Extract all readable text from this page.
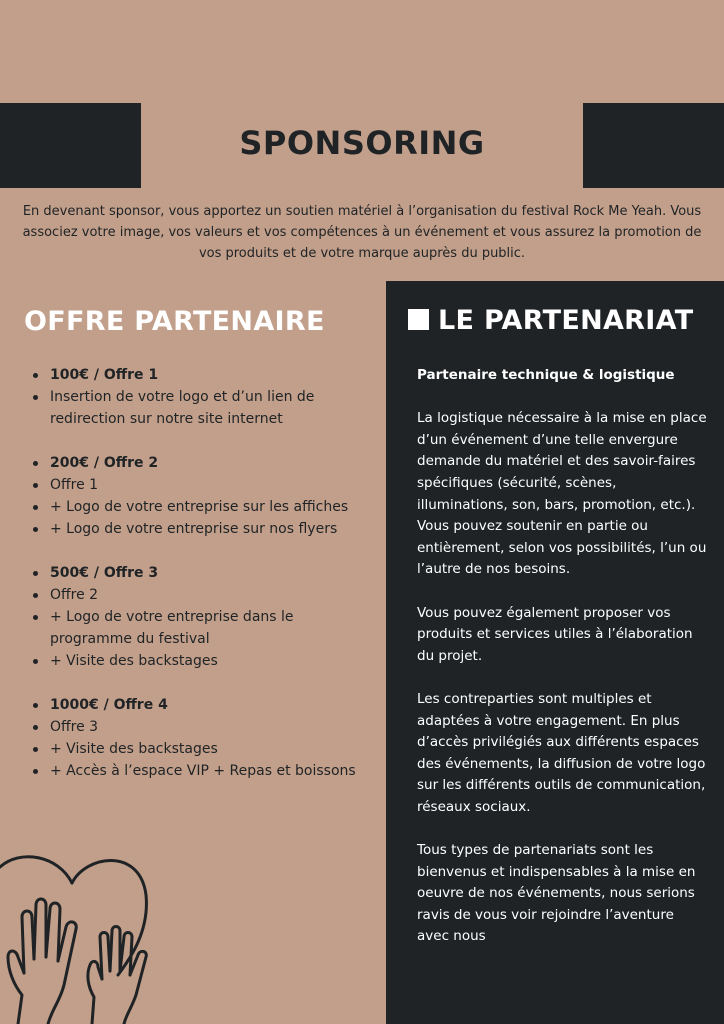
SPONSORING
En devenant sponsor, vous apportez un soutien matériel à l’organisation du festival Rock Me Yeah. Vous associez votre image, vos valeurs et vos compétences à un événement et vous assurez la promotion de vos produits et de votre marque auprès du public.
OFFRE PARTENAIRE
100€ / Offre 1
Insertion de votre logo et d’un lien de redirection sur notre site internet
200€ / Offre 2
Offre 1
+ Logo de votre entreprise sur les affiches
+ Logo de votre entreprise sur nos flyers
500€ / Offre 3
Offre 2
+ Logo de votre entreprise dans le programme du festival
+ Visite des backstages
1000€ / Offre 4
Offre 3
+ Visite des backstages
+ Accès à l’espace VIP + Repas et boissons
LE PARTENARIAT

Partenaire technique & logistique

La logistique nécessaire à la mise en place d’un événement d’une telle envergure demande du matériel et des savoir-faires spécifiques (sécurité, scènes, illuminations, son, bars, promotion, etc.).

Vous pouvez soutenir en partie ou entièrement, selon vos possibilités, l’un ou l’autre de nos besoins.

Vous pouvez également proposer vos produits et services utiles à l’élaboration du projet.

Les contreparties sont multiples et adaptées à votre engagement. En plus d’accès privilégiés aux différents espaces des événements, la diffusion de votre logo sur les différents outils de communication, réseaux sociaux.

Tous types de partenariats sont les bienvenus et indispensables à la mise en oeuvre de nos événements, nous serions ravis de vous voir rejoindre l’aventure avec nous
